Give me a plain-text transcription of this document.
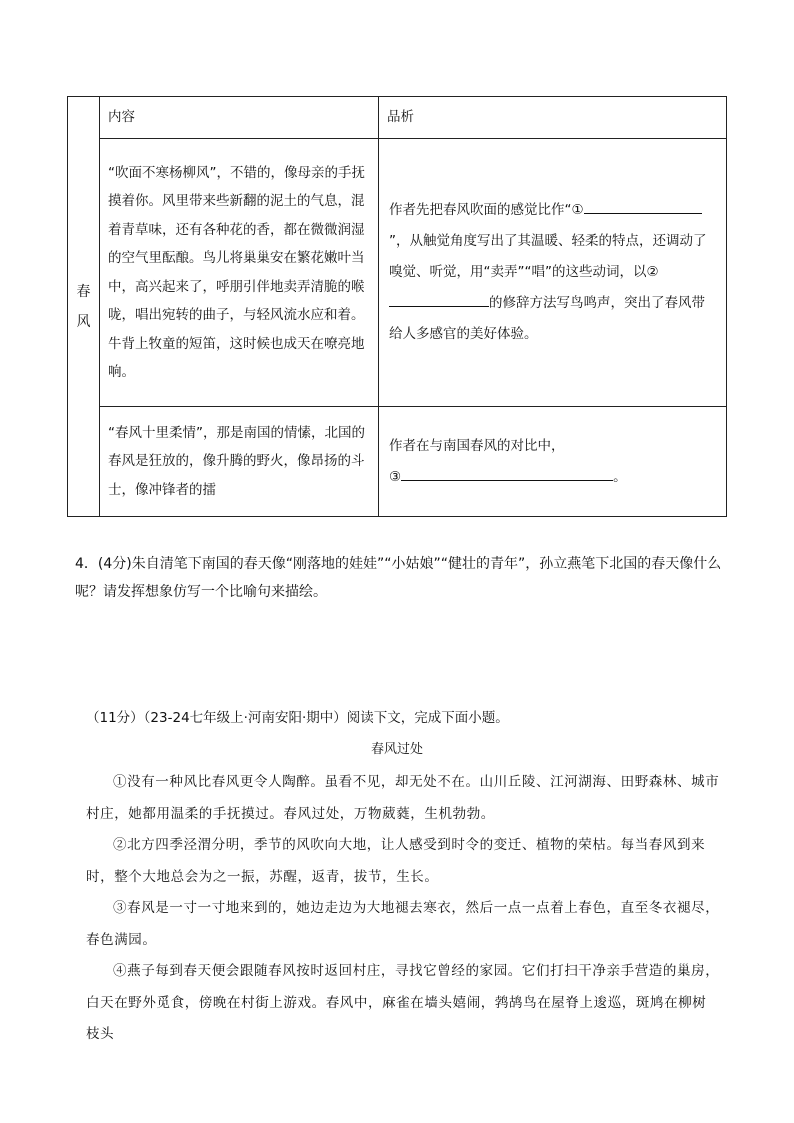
春
风	内容	品析
	“吹面不寒杨柳风”，不错的，像母亲的手抚摸着你。风里带来些新翻的泥土的气息，混着青草味，还有各种花的香，都在微微润湿的空气里酝酿。鸟儿将巢巢安在繁花嫩叶当中，高兴起来了，呼朋引伴地卖弄清脆的喉咙，唱出宛转的曲子，与轻风流水应和着。牛背上牧童的短笛，这时候也成天在嘹亮地响。	作者先把春风吹面的感觉比作“①”，从触觉角度写出了其温暖、轻柔的特点，还调动了嗅觉、听觉，用“卖弄”“唱”的这些动词，以②的修辞方法写鸟鸣声，突出了春风带给人多感官的美好体验。
	“春风十里柔情”，那是南国的情愫，北国的春风是狂放的，像升腾的野火，像昂扬的斗士，像冲锋者的擂	作者在与南国春风的对比中，
③ 。
4．(4分)朱自清笔下南国的春天像“刚落地的娃娃”“小姑娘”“健壮的青年”，孙立燕笔下北国的春天像什么呢？请发挥想象仿写一个比喻句来描绘。
（11分）（23-24七年级上·河南安阳·期中）阅读下文，完成下面小题。
春风过处

①没有一种风比春风更令人陶醉。虽看不见，却无处不在。山川丘陵、江河湖海、田野森林、城市村庄，她都用温柔的手抚摸过。春风过处，万物葳蕤，生机勃勃。

②北方四季泾渭分明，季节的风吹向大地，让人感受到时令的变迁、植物的荣枯。每当春风到来时，整个大地总会为之一振，苏醒，返青，拔节，生长。

③春风是一寸一寸地来到的，她边走边为大地褪去寒衣，然后一点一点着上春色，直至冬衣褪尽，春色满园。

④燕子每到春天便会跟随春风按时返回村庄，寻找它曾经的家园。它们打扫干净亲手营造的巢房，白天在野外觅食，傍晚在村街上游戏。春风中，麻雀在墙头嬉闹，鹁鸪鸟在屋脊上逡巡，斑鸠在柳树枝头
